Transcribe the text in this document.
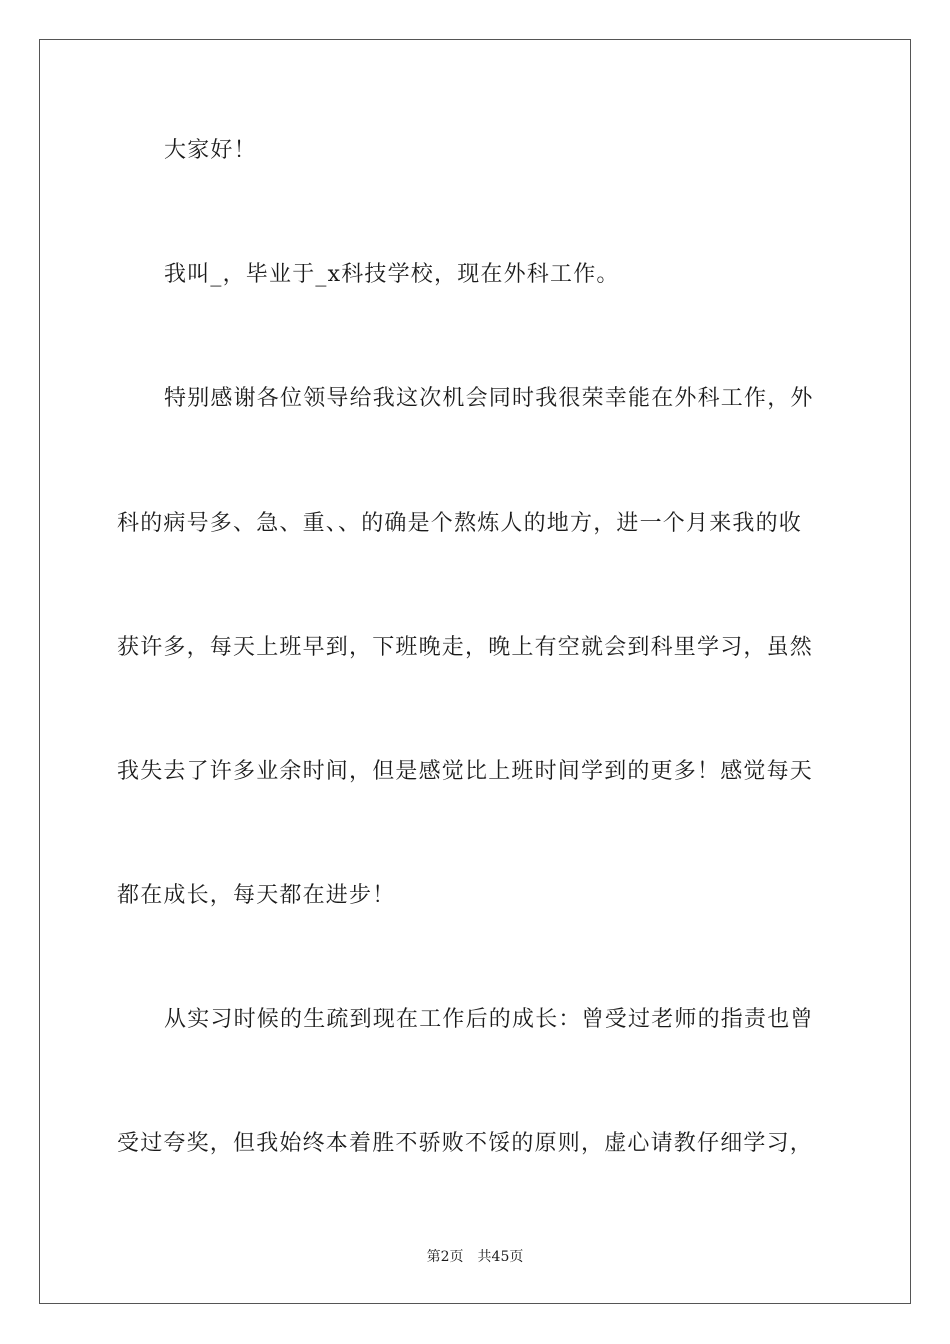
大家好！
我叫_，毕业于_x科技学校，现在外科工作。
特别感谢各位领导给我这次机会同时我很荣幸能在外科工作，外
科的病号多、急、重、、的确是个熬炼人的地方，进一个月来我的收
获许多，每天上班早到，下班晚走，晚上有空就会到科里学习，虽然
我失去了许多业余时间，但是感觉比上班时间学到的更多！感觉每天
都在成长，每天都在进步！
从实习时候的生疏到现在工作后的成长：曾受过老师的指责也曾
受过夸奖，但我始终本着胜不骄败不馁的原则，虚心请教仔细学习，
第2页 共45页
